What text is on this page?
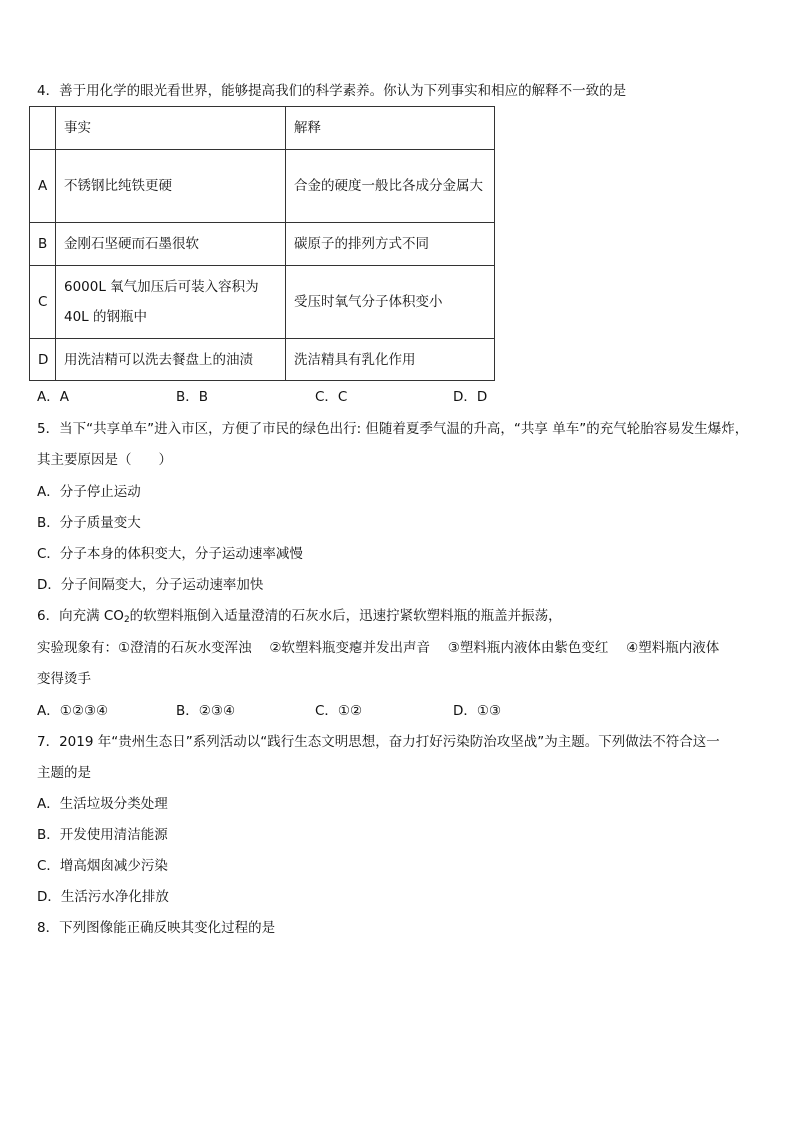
4．善于用化学的眼光看世界，能够提高我们的科学素养。你认为下列事实和相应的解释不一致的是
	事实	解释
A	不锈钢比纯铁更硬	合金的硬度一般比各成分金属大
B	金刚石坚硬而石墨很软	碳原子的排列方式不同
C	6000L 氧气加压后可装入容积为 40L 的钢瓶中	受压时氧气分子体积变小
D	用洗洁精可以洗去餐盘上的油渍	洗洁精具有乳化作用
A．A	B．B	C．C	D．D
5．当下“共享单车”进入市区，方便了市民的绿色出行: 但随着夏季气温的升高，“共享 单车”的充气轮胎容易发生爆炸，
其主要原因是（　　）
A．分子停止运动
B．分子质量变大
C．分子本身的体积变大，分子运动速率减慢
D．分子间隔变大，分子运动速率加快
6．向充满 $CO_2$的软塑料瓶倒入适量澄清的石灰水后，迅速拧紧软塑料瓶的瓶盖并振荡，
实验现象有：①澄清的石灰水变浑浊　 ②软塑料瓶变瘪并发出声音　 ③塑料瓶内液体由紫色变红　 ④塑料瓶内液体
变得烫手
A．①②③④	B．②③④	C．①②	D．①③
7．2019 年“贵州生态日”系列活动以“践行生态文明思想，奋力打好污染防治攻坚战”为主题。下列做法不符合这一
主题的是
A．生活垃圾分类处理
B．开发使用清洁能源
C．增高烟囱减少污染
D．生活污水净化排放
8．下列图像能正确反映其变化过程的是
